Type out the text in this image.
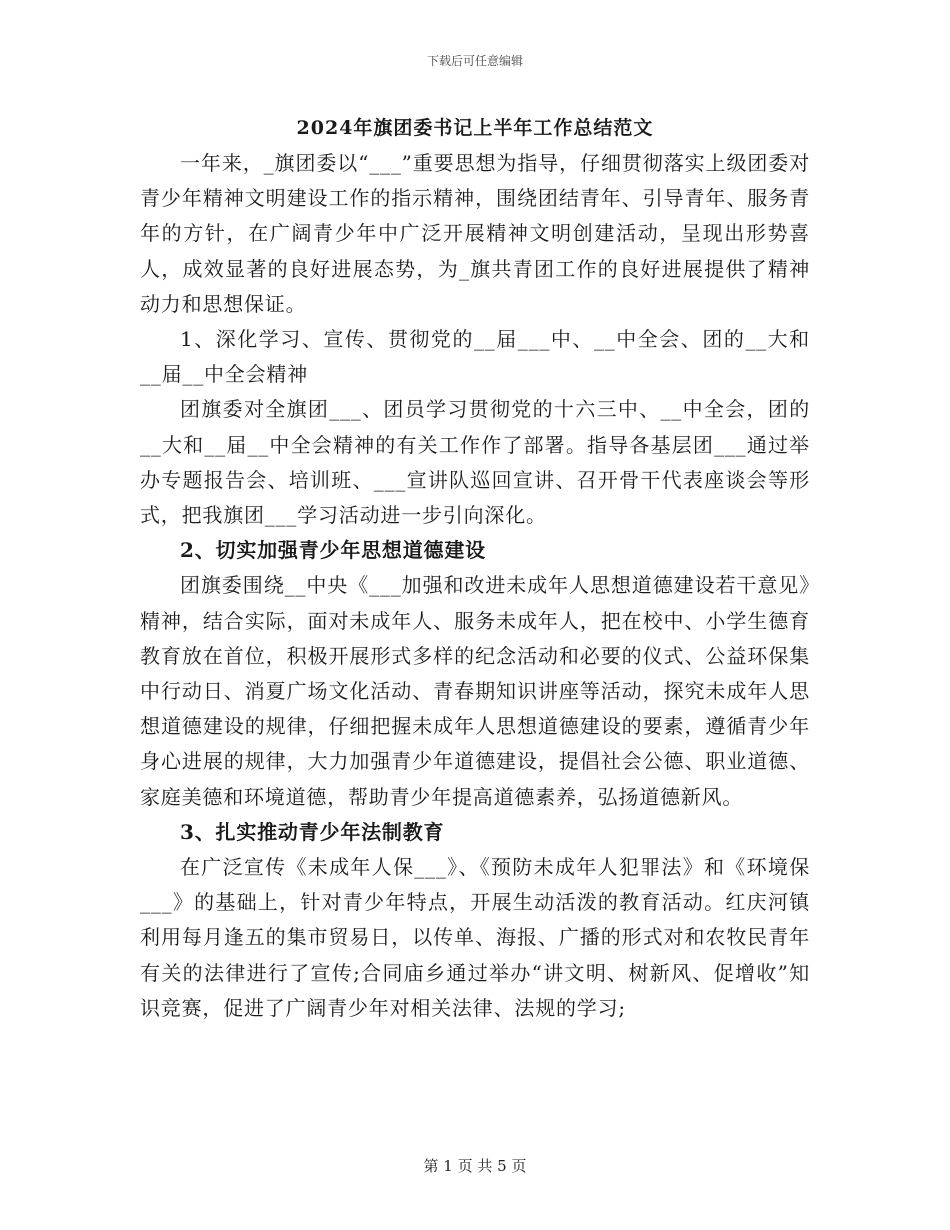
下载后可任意编辑
2024年旗团委书记上半年工作总结范文

一年来，_旗团委以“___”重要思想为指导，仔细贯彻落实上级团委对青少年精神文明建设工作的指示精神，围绕团结青年、引导青年、服务青年的方针，在广阔青少年中广泛开展精神文明创建活动，呈现出形势喜人，成效显著的良好进展态势，为_旗共青团工作的良好进展提供了精神动力和思想保证。

1、深化学习、宣传、贯彻党的__届___中、__中全会、团的__大和__届__中全会精神

团旗委对全旗团___、团员学习贯彻党的十六三中、__中全会，团的__大和__届__中全会精神的有关工作作了部署。指导各基层团___通过举办专题报告会、培训班、___宣讲队巡回宣讲、召开骨干代表座谈会等形式，把我旗团___学习活动进一步引向深化。

2、切实加强青少年思想道德建设

团旗委围绕__中央《___加强和改进未成年人思想道德建设若干意见》精神，结合实际，面对未成年人、服务未成年人，把在校中、小学生德育教育放在首位，积极开展形式多样的纪念活动和必要的仪式、公益环保集中行动日、消夏广场文化活动、青春期知识讲座等活动，探究未成年人思想道德建设的规律，仔细把握未成年人思想道德建设的要素，遵循青少年身心进展的规律，大力加强青少年道德建设，提倡社会公德、职业道德、家庭美德和环境道德，帮助青少年提高道德素养，弘扬道德新风。

3、扎实推动青少年法制教育

在广泛宣传《未成年人保___》、《预防未成年人犯罪法》和《环境保___》的基础上，针对青少年特点，开展生动活泼的教育活动。红庆河镇利用每月逢五的集市贸易日，以传单、海报、广播的形式对和农牧民青年有关的法律进行了宣传;合同庙乡通过举办“讲文明、树新风、促增收”知识竞赛，促进了广阔青少年对相关法律、法规的学习;

第 1 页 共 5 页
